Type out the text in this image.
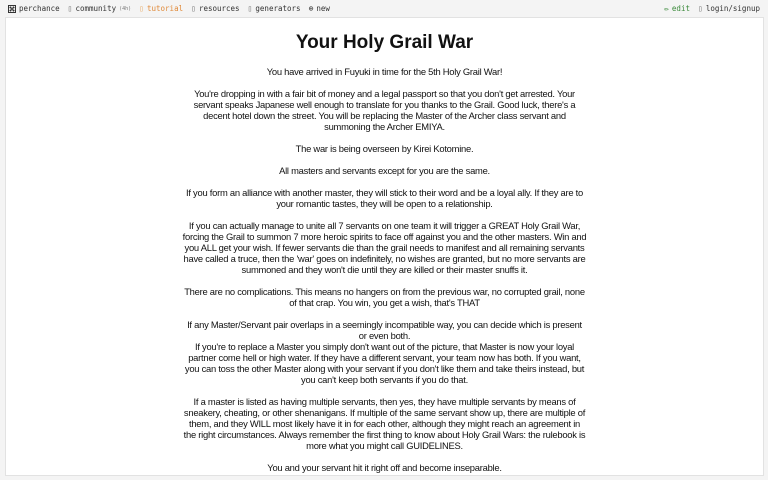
perchance ▯ community (4h) ▯ tutorial ▯ resources ▯ generators ⊕ new	✏ edit ▯ login/signup
Your Holy Grail War

You have arrived in Fuyuki in time for the 5th Holy Grail War!

You're dropping in with a fair bit of money and a legal passport so that you don't get arrested. Your servant speaks Japanese well enough to translate for you thanks to the Grail. Good luck, there's a decent hotel down the street. You will be replacing the Master of the Archer class servant and summoning the Archer EMIYA.

The war is being overseen by Kirei Kotomine.

All masters and servants except for you are the same.

If you form an alliance with another master, they will stick to their word and be a loyal ally. If they are to your romantic tastes, they will be open to a relationship.

If you can actually manage to unite all 7 servants on one team it will trigger a GREAT Holy Grail War, forcing the Grail to summon 7 more heroic spirits to face off against you and the other masters. Win and you ALL get your wish. If fewer servants die than the grail needs to manifest and all remaining servants have called a truce, then the 'war' goes on indefinitely, no wishes are granted, but no more servants are summoned and they won't die until they are killed or their master snuffs it.

There are no complications. This means no hangers on from the previous war, no corrupted grail, none of that crap. You win, you get a wish, that's THAT

If any Master/Servant pair overlaps in a seemingly incompatible way, you can decide which is present or even both.

If you're to replace a Master you simply don't want out of the picture, that Master is now your loyal partner come hell or high water. If they have a different servant, your team now has both. If you want, you can toss the other Master along with your servant if you don't like them and take theirs instead, but you can't keep both servants if you do that.

If a master is listed as having multiple servants, then yes, they have multiple servants by means of sneakery, cheating, or other shenanigans. If multiple of the same servant show up, there are multiple of them, and they WILL most likely have it in for each other, although they might reach an agreement in the right circumstances. Always remember the first thing to know about Holy Grail Wars: the rulebook is more what you might call GUIDELINES.

You and your servant hit it right off and become inseparable.
